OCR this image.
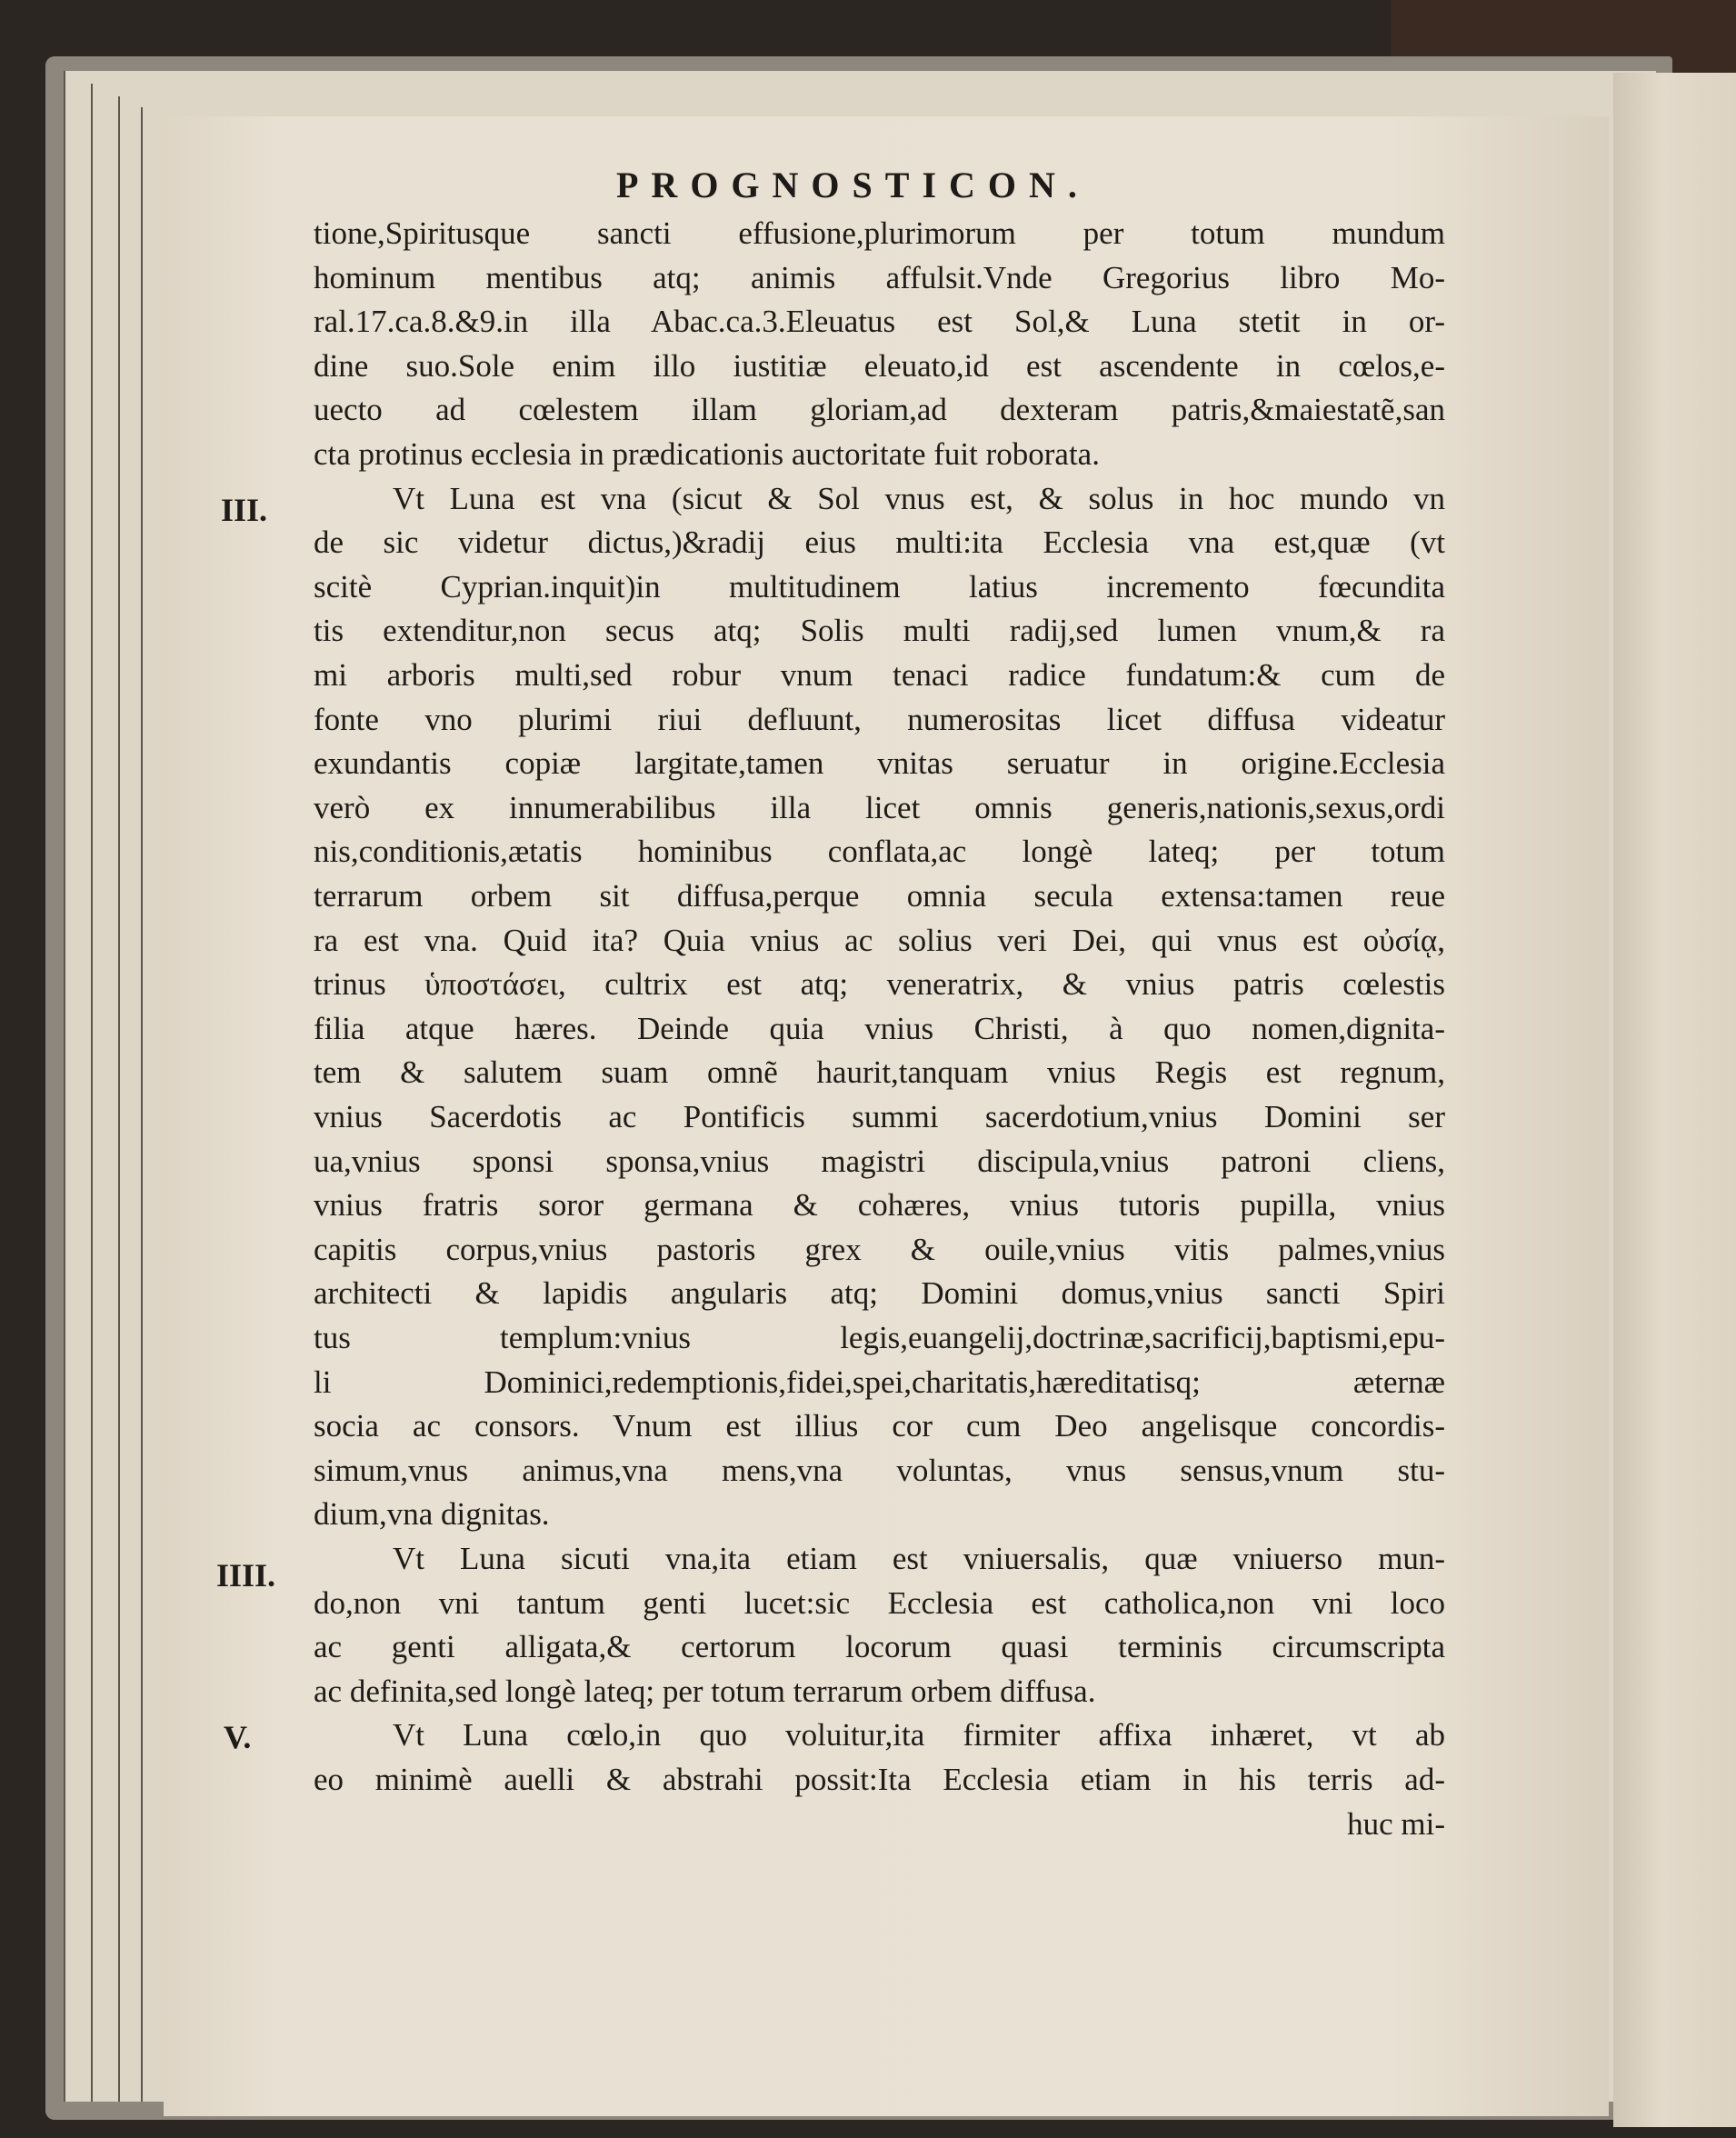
PROGNOSTICON.
III.
IIII.
V.
tione,Spiritusque sancti effusione,plurimorum per totum mundum
hominum mentibus atq; animis affulsit.Vnde Gregorius libro Mo-
ral.17.ca.8.&9.in illa Abac.ca.3.Eleuatus est Sol,& Luna stetit in or-
dine suo.Sole enim illo iustitiæ eleuato,id est ascendente in cœlos,e-
uecto ad cœlestem illam gloriam,ad dexteram patris,&maiestatẽ,san
cta protinus ecclesia in prædicationis auctoritate fuit roborata.
Vt Luna est vna (sicut & Sol vnus est, & solus in hoc mundo vn
de sic videtur dictus,)&radij eius multi:ita Ecclesia vna est,quæ (vt
scitè Cyprian.inquit)in multitudinem latius incremento fœcundita
tis extenditur,non secus atq; Solis multi radij,sed lumen vnum,& ra
mi arboris multi,sed robur vnum tenaci radice fundatum:& cum de
fonte vno plurimi riui defluunt, numerositas licet diffusa videatur
exundantis copiæ largitate,tamen vnitas seruatur in origine.Ecclesia
verò ex innumerabilibus illa licet omnis generis,nationis,sexus,ordi
nis,conditionis,ætatis hominibus conflata,ac longè lateq; per totum
terrarum orbem sit diffusa,perque omnia secula extensa:tamen reue
ra est vna. Quid ita? Quia vnius ac solius veri Dei, qui vnus est οὐσίᾳ,
trinus ὑποστάσει, cultrix est atq; veneratrix, & vnius patris cœlestis
filia atque hæres. Deinde quia vnius Christi, à quo nomen,dignita-
tem & salutem suam omnẽ haurit,tanquam vnius Regis est regnum,
vnius Sacerdotis ac Pontificis summi sacerdotium,vnius Domini ser
ua,vnius sponsi sponsa,vnius magistri discipula,vnius patroni cliens,
vnius fratris soror germana & cohæres, vnius tutoris pupilla, vnius
capitis corpus,vnius pastoris grex & ouile,vnius vitis palmes,vnius
architecti & lapidis angularis atq; Domini domus,vnius sancti Spiri
tus templum:vnius legis,euangelij,doctrinæ,sacrificij,baptismi,epu-
li Dominici,redemptionis,fidei,spei,charitatis,hæreditatisq; æternæ
socia ac consors. Vnum est illius cor cum Deo angelisque concordis-
simum,vnus animus,vna mens,vna voluntas, vnus sensus,vnum stu-
dium,vna dignitas.
Vt Luna sicuti vna,ita etiam est vniuersalis, quæ vniuerso mun-
do,non vni tantum genti lucet:sic Ecclesia est catholica,non vni loco
ac genti alligata,& certorum locorum quasi terminis circumscripta
ac definita,sed longè lateq; per totum terrarum orbem diffusa.
Vt Luna cœlo,in quo voluitur,ita firmiter affixa inhæret, vt ab
eo minimè auelli & abstrahi possit:Ita Ecclesia etiam in his terris ad-
huc mi-
